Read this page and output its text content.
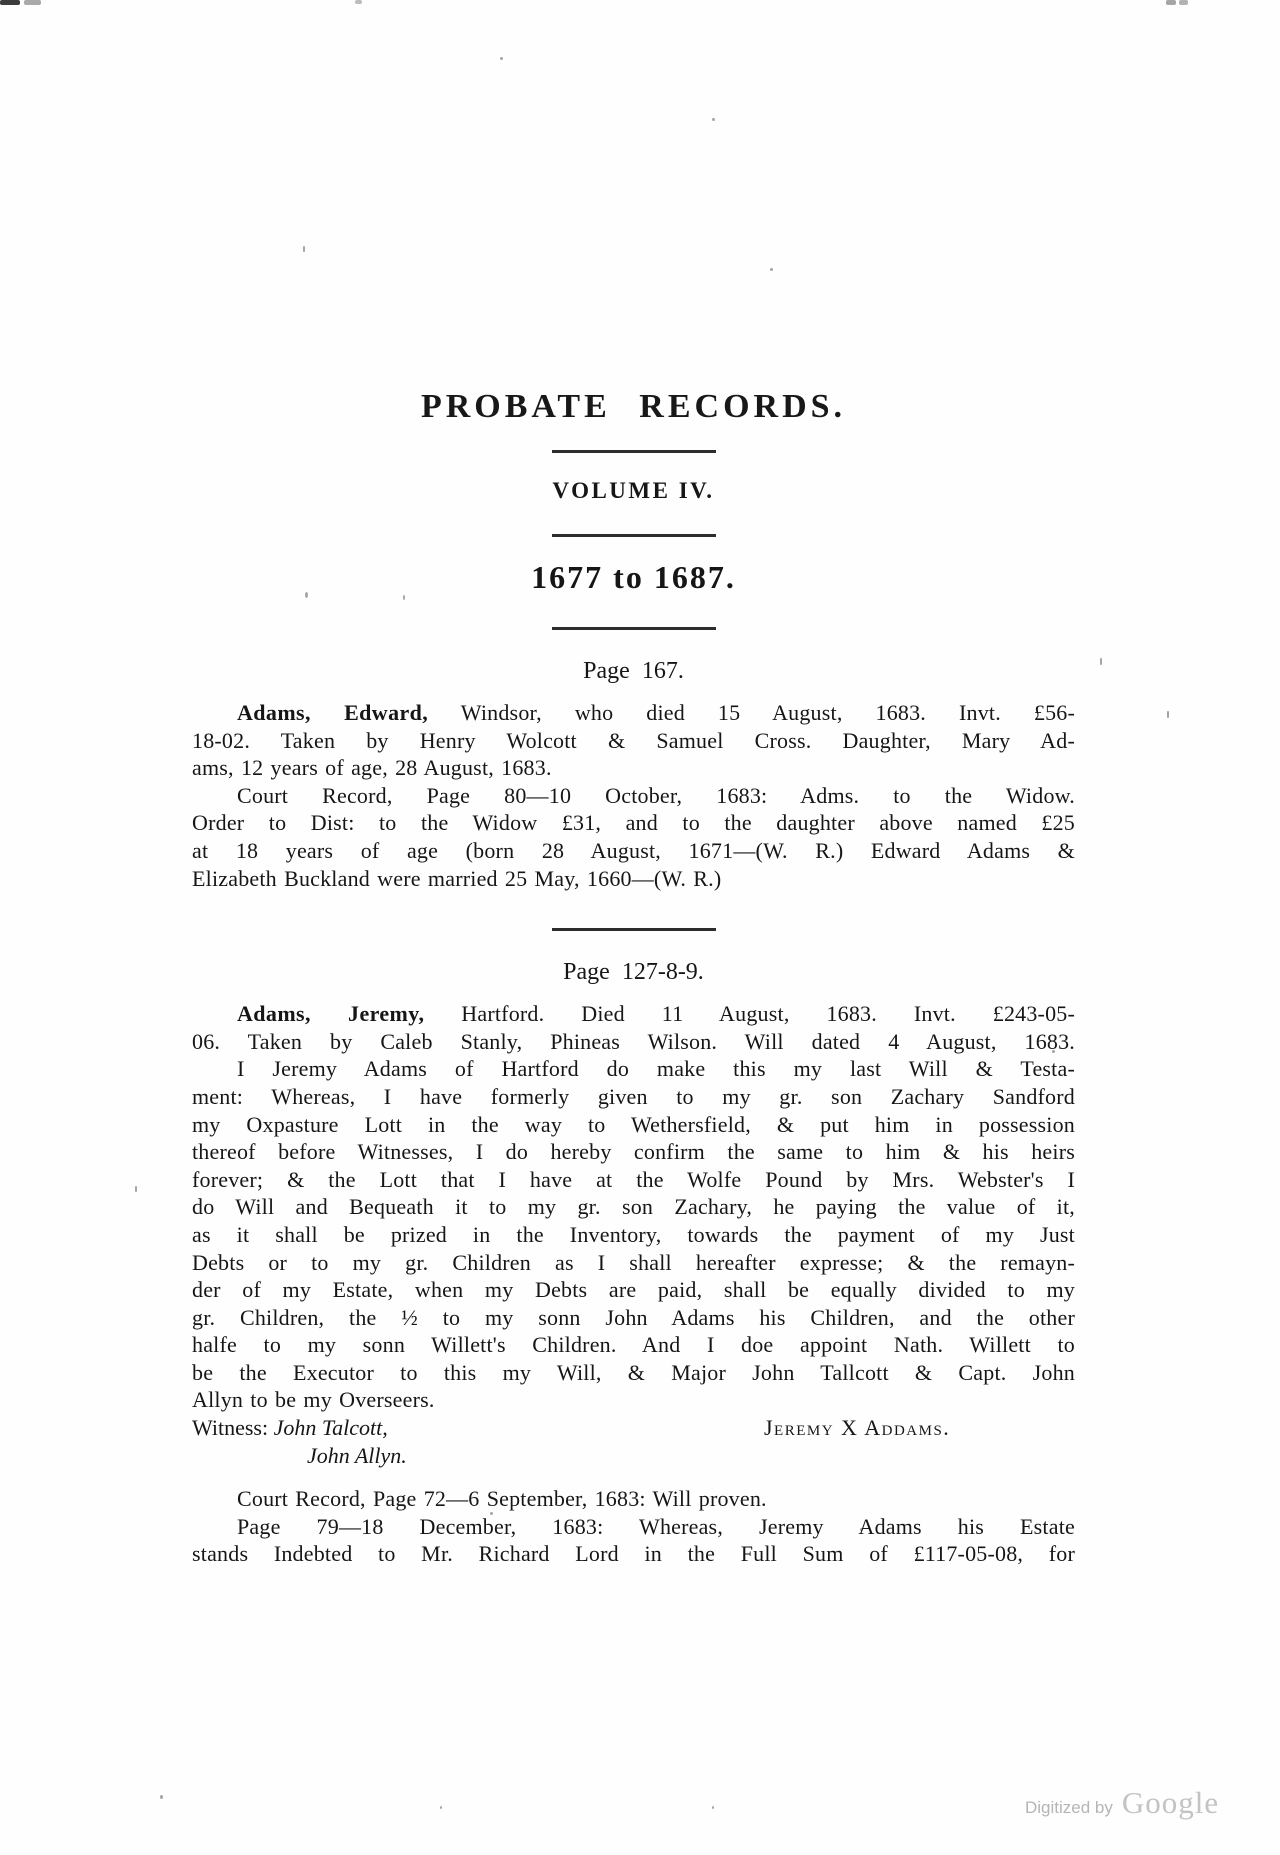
PROBATE RECORDS.
VOLUME IV.
1677 to 1687.
Page 167.
Adams, Edward, Windsor, who died 15 August, 1683. Invt. £56-
18-02. Taken by Henry Wolcott & Samuel Cross. Daughter, Mary Ad-
ams, 12 years of age, 28 August, 1683.
Court Record, Page 80—10 October, 1683: Adms. to the Widow.
Order to Dist: to the Widow £31, and to the daughter above named £25
at 18 years of age (born 28 August, 1671—(W. R.) Edward Adams &
Elizabeth Buckland were married 25 May, 1660—(W. R.)
Page 127-8-9.
Adams, Jeremy, Hartford. Died 11 August, 1683. Invt. £243-05-
06. Taken by Caleb Stanly, Phineas Wilson. Will dated 4 August, 1683.
I Jeremy Adams of Hartford do make this my last Will & Testa-
ment: Whereas, I have formerly given to my gr. son Zachary Sandford
my Oxpasture Lott in the way to Wethersfield, & put him in possession
thereof before Witnesses, I do hereby confirm the same to him & his heirs
forever; & the Lott that I have at the Wolfe Pound by Mrs. Webster's I
do Will and Bequeath it to my gr. son Zachary, he paying the value of it,
as it shall be prized in the Inventory, towards the payment of my Just
Debts or to my gr. Children as I shall hereafter expresse; & the remayn-
der of my Estate, when my Debts are paid, shall be equally divided to my
gr. Children, the ½ to my sonn John Adams his Children, and the other
halfe to my sonn Willett's Children. And I doe appoint Nath. Willett to
be the Executor to this my Will, & Major John Tallcott & Capt. John
Allyn to be my Overseers.
Witness: John Talcott,	Jeremy X Addams.
John Allyn.
Court Record, Page 72—6 September, 1683: Will proven.
Page 79—18 December, 1683: Whereas, Jeremy Adams his Estate
stands Indebted to Mr. Richard Lord in the Full Sum of £117-05-08, for
Digitized by Google
